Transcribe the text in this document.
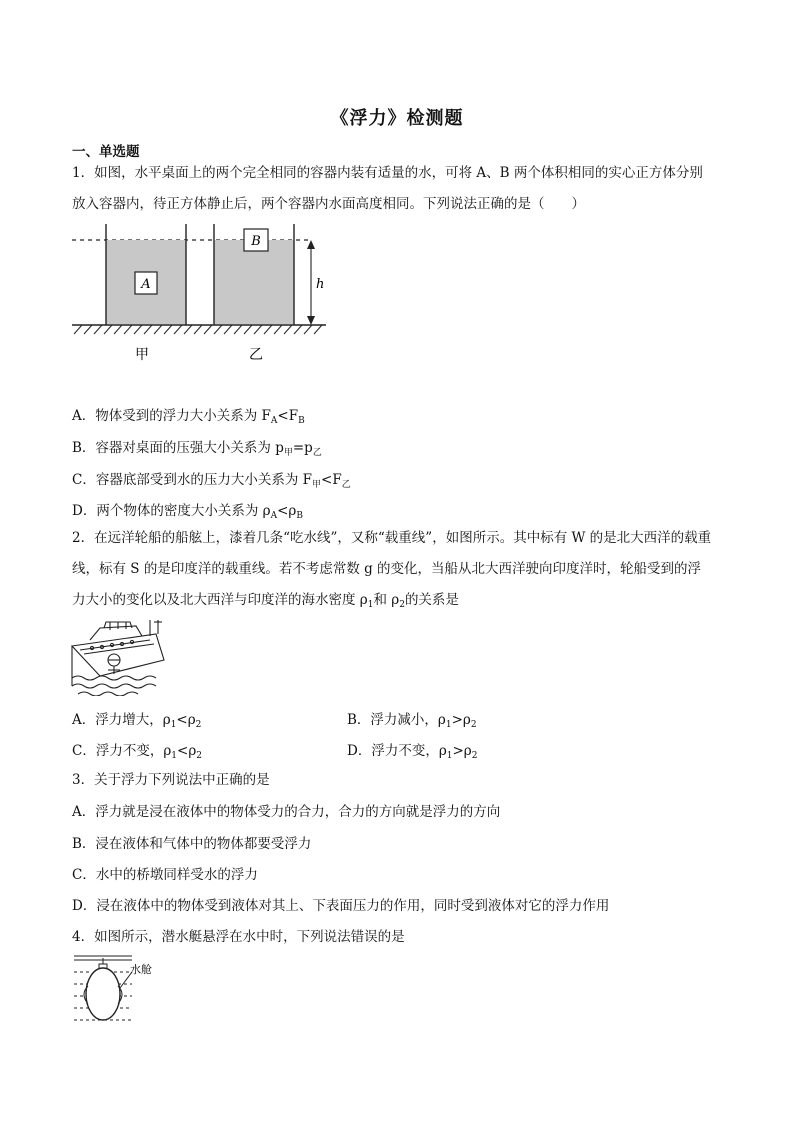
《浮力》检测题
一、单选题
1．如图，水平桌面上的两个完全相同的容器内装有适量的水，可将 A、B 两个体积相同的实心正方体分别
放入容器内，待正方体静止后，两个容器内水面高度相同。下列说法正确的是（　　）
A
B
h
甲	乙
A．物体受到的浮力大小关系为 $F_A<F_B$
B．容器对桌面的压强大小关系为 $p_甲=p_乙$
C．容器底部受到水的压力大小关系为 $F_甲<F_乙$
D．两个物体的密度大小关系为 $\rho_A<\rho_B$
2．在远洋轮船的船舷上，漆着几条“吃水线”，又称“载重线”，如图所示。其中标有 W 的是北大西洋的载重
线，标有 S 的是印度洋的载重线。若不考虑常数 g 的变化，当船从北大西洋驶向印度洋时，轮船受到的浮
力大小的变化以及北大西洋与印度洋的海水密度 $\rho_1$和 $\rho_2$的关系是
A．浮力增大，$\rho_1<\rho_2$	B．浮力减小，$\rho_1>\rho_2$
C．浮力不变，$\rho_1<\rho_2$	D．浮力不变，$\rho_1>\rho_2$
3．关于浮力下列说法中正确的是
A．浮力就是浸在液体中的物体受力的合力，合力的方向就是浮力的方向
B．浸在液体和气体中的物体都要受浮力
C．水中的桥墩同样受水的浮力
D．浸在液体中的物体受到液体对其上、下表面压力的作用，同时受到液体对它的浮力作用
4．如图所示，潜水艇悬浮在水中时，下列说法错误的是
水舱
